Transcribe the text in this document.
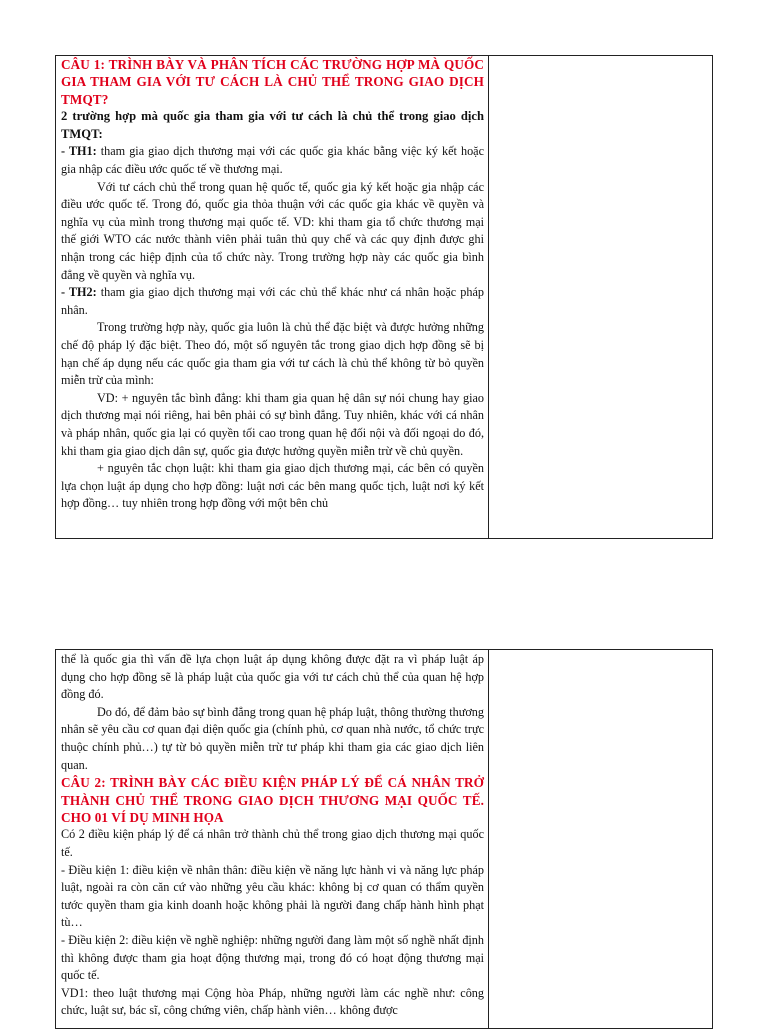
CÂU 1: TRÌNH BÀY VÀ PHÂN TÍCH CÁC TRƯỜNG HỢP MÀ QUỐC GIA THAM GIA VỚI TƯ CÁCH LÀ CHỦ THỂ TRONG GIAO DỊCH TMQT?

2 trường hợp mà quốc gia tham gia với tư cách là chủ thể trong giao dịch TMQT:

- TH1: tham gia giao dịch thương mại với các quốc gia khác bằng việc ký kết hoặc gia nhập các điều ước quốc tế về thương mại.

Với tư cách chủ thể trong quan hệ quốc tế, quốc gia ký kết hoặc gia nhập các điều ước quốc tế. Trong đó, quốc gia thỏa thuận với các quốc gia khác về quyền và nghĩa vụ của mình trong thương mại quốc tế. VD: khi tham gia tổ chức thương mại thế giới WTO các nước thành viên phải tuân thủ quy chế và các quy định được ghi nhận trong các hiệp định của tổ chức này. Trong trường hợp này các quốc gia bình đẳng về quyền và nghĩa vụ.

- TH2: tham gia giao dịch thương mại với các chủ thể khác như cá nhân hoặc pháp nhân.

Trong trường hợp này, quốc gia luôn là chủ thể đặc biệt và được hưởng những chế độ pháp lý đặc biệt. Theo đó, một số nguyên tắc trong giao dịch hợp đồng sẽ bị hạn chế áp dụng nếu các quốc gia tham gia với tư cách là chủ thể không từ bỏ quyền miễn trừ của mình:

VD: + nguyên tắc bình đẳng: khi tham gia quan hệ dân sự nói chung hay giao dịch thương mại nói riêng, hai bên phải có sự bình đẳng. Tuy nhiên, khác với cá nhân và pháp nhân, quốc gia lại có quyền tối cao trong quan hệ đối nội và đối ngoại do đó, khi tham gia giao dịch dân sự, quốc gia được hưởng quyền miễn trừ về chủ quyền.

+ nguyên tắc chọn luật: khi tham gia giao dịch thương mại, các bên có quyền lựa chọn luật áp dụng cho hợp đồng: luật nơi các bên mang quốc tịch, luật nơi ký kết hợp đồng… tuy nhiên trong hợp đồng với một bên chủ

thể là quốc gia thì vấn đề lựa chọn luật áp dụng không được đặt ra vì pháp luật áp dụng cho hợp đồng sẽ là pháp luật của quốc gia với tư cách chủ thể của quan hệ hợp đồng đó.

Do đó, để đảm bảo sự bình đẳng trong quan hệ pháp luật, thông thường thương nhân sẽ yêu cầu cơ quan đại diện quốc gia (chính phủ, cơ quan nhà nước, tổ chức trực thuộc chính phủ…) tự từ bỏ quyền miễn trừ tư pháp khi tham gia các giao dịch liên quan.

CÂU 2: TRÌNH BÀY CÁC ĐIỀU KIỆN PHÁP LÝ ĐỂ CÁ NHÂN TRỞ THÀNH CHỦ THỂ TRONG GIAO DỊCH THƯƠNG MẠI QUỐC TẾ. CHO 01 VÍ DỤ MINH HỌA

Có 2 điều kiện pháp lý để cá nhân trở thành chủ thể trong giao dịch thương mại quốc tế.

- Điều kiện 1: điều kiện về nhân thân: điều kiện về năng lực hành vi và năng lực pháp luật, ngoài ra còn căn cứ vào những yêu cầu khác: không bị cơ quan có thẩm quyền tước quyền tham gia kinh doanh hoặc không phải là người đang chấp hành hình phạt tù…

- Điều kiện 2: điều kiện về nghề nghiệp: những người đang làm một số nghề nhất định thì không được tham gia hoạt động thương mại, trong đó có hoạt động thương mại quốc tế.

VD1: theo luật thương mại Cộng hòa Pháp, những người làm các nghề như: công chức, luật sư, bác sĩ, công chứng viên, chấp hành viên… không được
